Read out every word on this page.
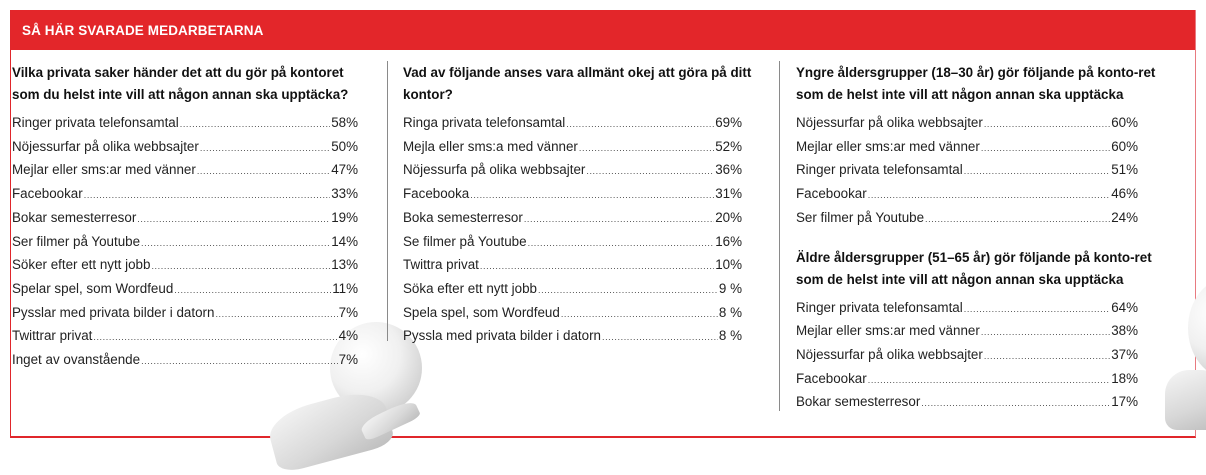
SÅ HÄR SVARADE MEDARBETARNA

Vilka privata saker händer det att du gör på kontoret som du helst inte vill att någon annan ska upptäcka?

Ringer privata telefonsamtal
.....	58%
Nöjessurfar på olika webbsajter
.....	50%
Mejlar eller sms:ar med vänner
.....	47%
Facebookar
.....	33%
Bokar semesterresor
.....	19%
Ser filmer på Youtube
.....	14%
Söker efter ett nytt jobb
.....	13%
Spelar spel, som Wordfeud
.....	11%
Pysslar med privata bilder i datorn
.....	7%
Twittrar privat
.....	4%
Inget av ovanstående
.....	7%

Vad av följande anses vara allmänt okej att göra på ditt kontor?

Ringa privata telefonsamtal
.....	69%
Mejla eller sms:a med vänner
.....	52%
Nöjessurfa på olika webbsajter
.....	36%
Facebooka
.....	31%
Boka semesterresor
.....	20%
Se filmer på Youtube
.....	16%
Twittra privat
.....	10%
Söka efter ett nytt jobb
.....	9 %
Spela spel, som Wordfeud
.....	8 %
Pyssla med privata bilder i datorn
.....	8 %

Yngre åldersgrupper (18–30 år) gör följande på konto-ret som de helst inte vill att någon annan ska upptäcka

Nöjessurfar på olika webbsajter
.....	60%
Mejlar eller sms:ar med vänner
.....	60%
Ringer privata telefonsamtal
.....	51%
Facebookar
.....	46%
Ser filmer på Youtube
.....	24%

Äldre åldersgrupper (51–65 år) gör följande på konto-ret som de helst inte vill att någon annan ska upptäcka

Ringer privata telefonsamtal
.....	64%
Mejlar eller sms:ar med vänner
.....	38%
Nöjessurfar på olika webbsajter
.....	37%
Facebookar
.....	18%
Bokar semesterresor
.....	17%
